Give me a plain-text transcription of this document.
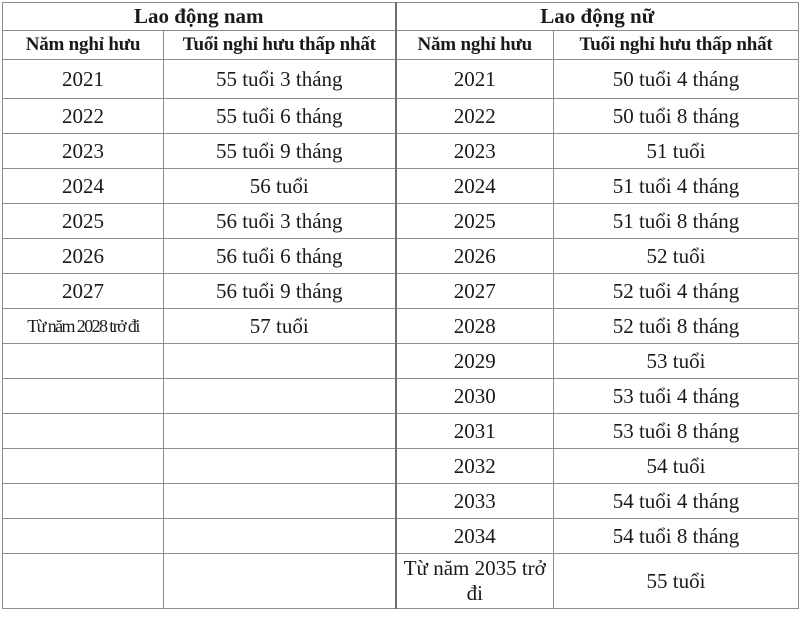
Lao động nam		Lao động nữ	
Năm nghỉ hưu	Tuổi nghỉ hưu thấp nhất	Năm nghỉ hưu	Tuổi nghỉ hưu thấp nhất
2021	55 tuổi 3 tháng	2021	50 tuổi 4 tháng
2022	55 tuổi 6 tháng	2022	50 tuổi 8 tháng
2023	55 tuổi 9 tháng	2023	51 tuổi
2024	56 tuổi	2024	51 tuổi 4 tháng
2025	56 tuổi 3 tháng	2025	51 tuổi 8 tháng
2026	56 tuổi 6 tháng	2026	52 tuổi
2027	56 tuổi 9 tháng	2027	52 tuổi 4 tháng
Từ năm 2028 trở đi	57 tuổi	2028	52 tuổi 8 tháng
		2029	53 tuổi
		2030	53 tuổi 4 tháng
		2031	53 tuổi 8 tháng
		2032	54 tuổi
		2033	54 tuổi 4 tháng
		2034	54 tuổi 8 tháng
		Từ năm 2035 trở đi	55 tuổi
